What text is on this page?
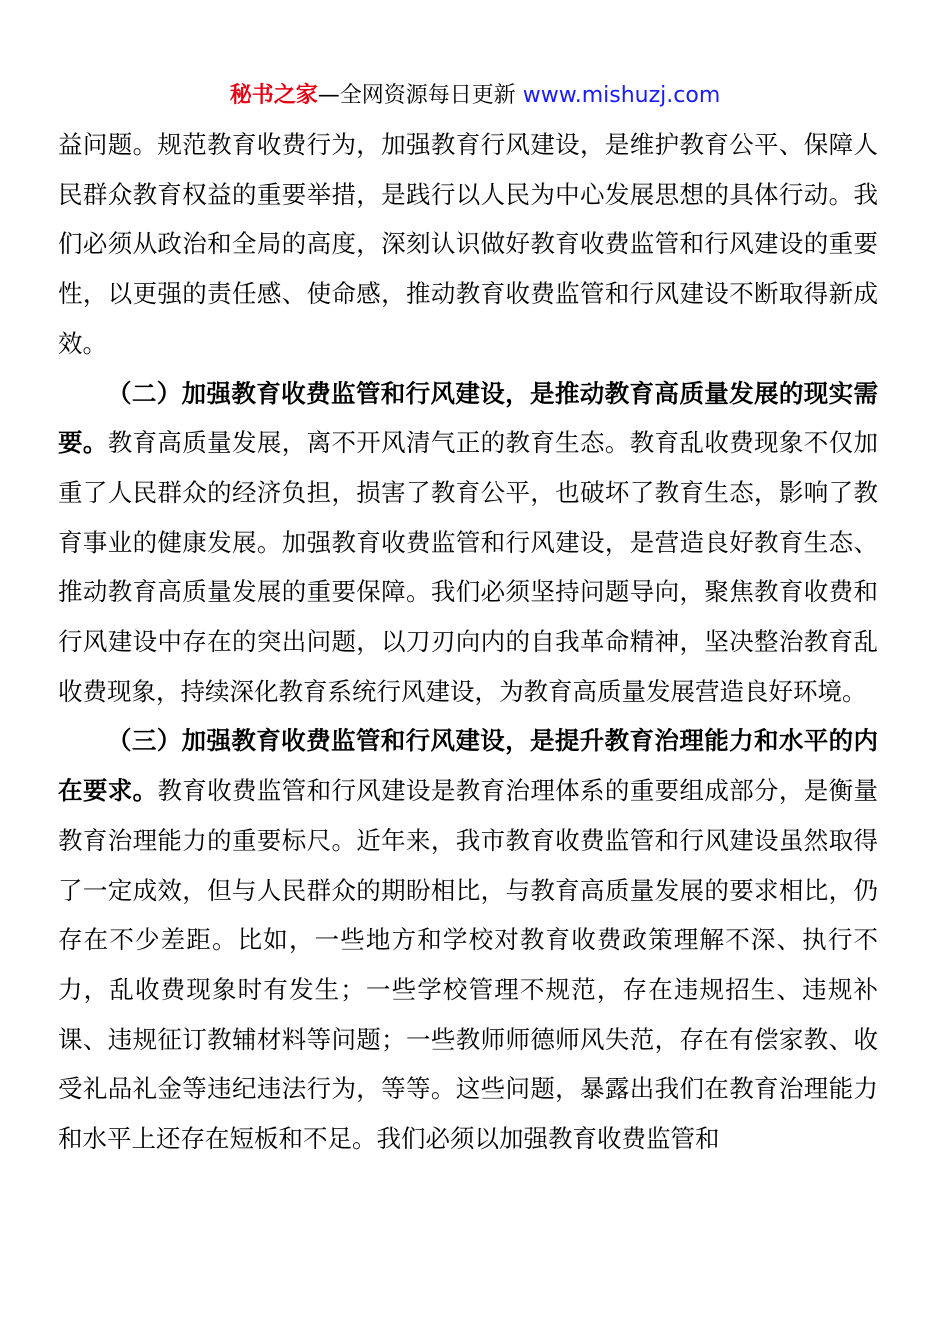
秘书之家—全网资源每日更新 www.mishuzj.com

益问题。规范教育收费行为，加强教育行风建设，是维护教育公平、保障人民群众教育权益的重要举措，是践行以人民为中心发展思想的具体行动。我们必须从政治和全局的高度，深刻认识做好教育收费监管和行风建设的重要性，以更强的责任感、使命感，推动教育收费监管和行风建设不断取得新成效。

（二）加强教育收费监管和行风建设，是推动教育高质量发展的现实需要。教育高质量发展，离不开风清气正的教育生态。教育乱收费现象不仅加重了人民群众的经济负担，损害了教育公平，也破坏了教育生态，影响了教育事业的健康发展。加强教育收费监管和行风建设，是营造良好教育生态、推动教育高质量发展的重要保障。我们必须坚持问题导向，聚焦教育收费和行风建设中存在的突出问题，以刀刃向内的自我革命精神，坚决整治教育乱收费现象，持续深化教育系统行风建设，为教育高质量发展营造良好环境。

（三）加强教育收费监管和行风建设，是提升教育治理能力和水平的内在要求。教育收费监管和行风建设是教育治理体系的重要组成部分，是衡量教育治理能力的重要标尺。近年来，我市教育收费监管和行风建设虽然取得了一定成效，但与人民群众的期盼相比，与教育高质量发展的要求相比，仍存在不少差距。比如，一些地方和学校对教育收费政策理解不深、执行不力，乱收费现象时有发生；一些学校管理不规范，存在违规招生、违规补课、违规征订教辅材料等问题；一些教师师德师风失范，存在有偿家教、收受礼品礼金等违纪违法行为，等等。这些问题，暴露出我们在教育治理能力和水平上还存在短板和不足。我们必须以加强教育收费监管和
